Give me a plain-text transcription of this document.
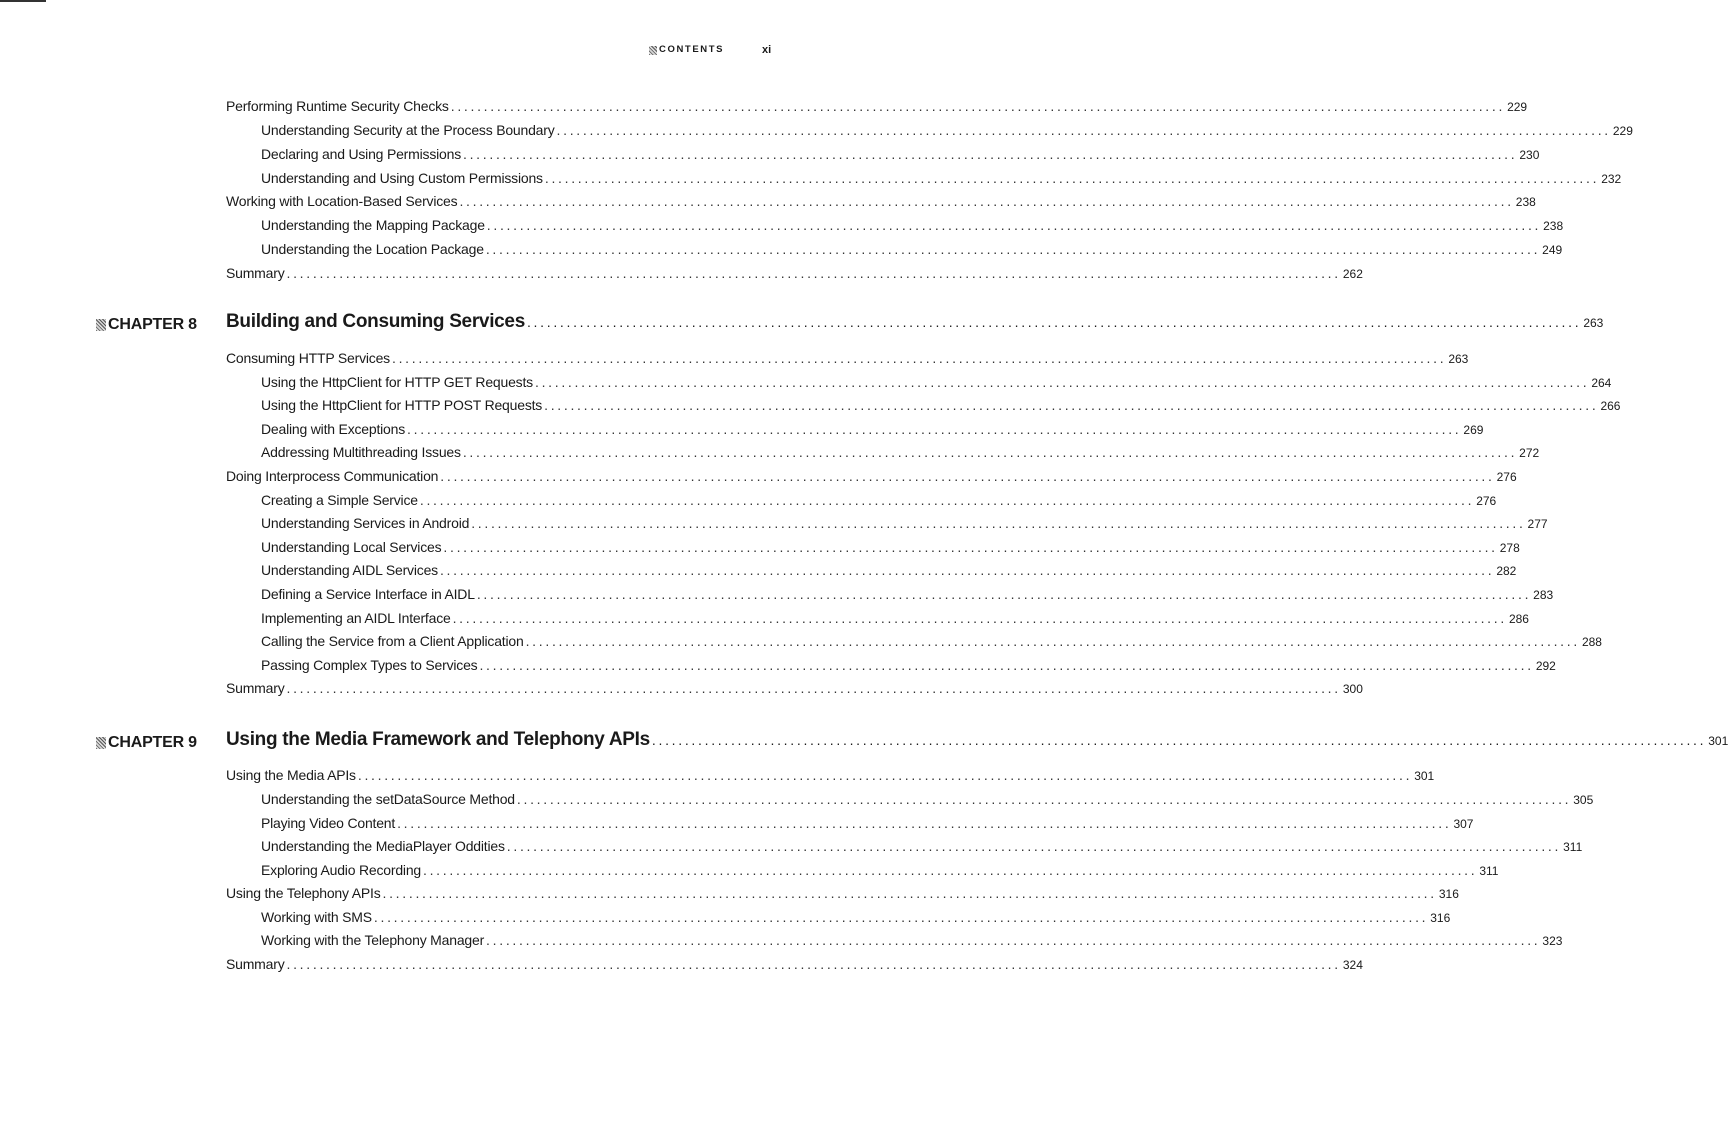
CONTENTS	xi
Performing Runtime Security Checks ................................................................................................................................................................ 229
Understanding Security at the Process Boundary ................................................................................................................................................................ 229
Declaring and Using Permissions ................................................................................................................................................................ 230
Understanding and Using Custom Permissions ................................................................................................................................................................ 232
Working with Location-Based Services ................................................................................................................................................................ 238
Understanding the Mapping Package ................................................................................................................................................................ 238
Understanding the Location Package ................................................................................................................................................................ 249
Summary ................................................................................................................................................................ 262
CHAPTER 8 Building and Consuming Services ................................................................................................................................................................ 263
Consuming HTTP Services ................................................................................................................................................................ 263
Using the HttpClient for HTTP GET Requests ................................................................................................................................................................ 264
Using the HttpClient for HTTP POST Requests ................................................................................................................................................................ 266
Dealing with Exceptions ................................................................................................................................................................ 269
Addressing Multithreading Issues ................................................................................................................................................................ 272
Doing Interprocess Communication ................................................................................................................................................................ 276
Creating a Simple Service ................................................................................................................................................................ 276
Understanding Services in Android ................................................................................................................................................................ 277
Understanding Local Services ................................................................................................................................................................ 278
Understanding AIDL Services ................................................................................................................................................................ 282
Defining a Service Interface in AIDL ................................................................................................................................................................ 283
Implementing an AIDL Interface ................................................................................................................................................................ 286
Calling the Service from a Client Application ................................................................................................................................................................ 288
Passing Complex Types to Services ................................................................................................................................................................ 292
Summary ................................................................................................................................................................ 300
CHAPTER 9 Using the Media Framework and Telephony APIs ................................................................................................................................................................ 301
Using the Media APIs ................................................................................................................................................................ 301
Understanding the setDataSource Method ................................................................................................................................................................ 305
Playing Video Content ................................................................................................................................................................ 307
Understanding the MediaPlayer Oddities ................................................................................................................................................................ 311
Exploring Audio Recording ................................................................................................................................................................ 311
Using the Telephony APIs ................................................................................................................................................................ 316
Working with SMS ................................................................................................................................................................ 316
Working with the Telephony Manager ................................................................................................................................................................ 323
Summary ................................................................................................................................................................ 324
